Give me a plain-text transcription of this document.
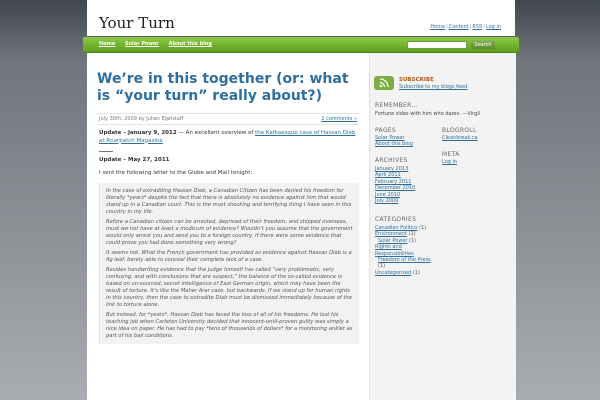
Your Turn	Home|Content|RSS|Log in
Home Solar Power About this blog	Search
We’re in this together (or: what is “your turn” really about?)
July 30th, 2009 by Julian Egelstaff	2 comments »
Update – January 9, 2012 — An excellent overview of the Kafkaesque case of Hassan Diab at Rnarpatch Magazine
Update – May 27, 2011
I sent the following letter to the Globe and Mail tonight:

In the case of extraditing Hassan Diab, a Canadian Citizen has been denied his freedom for literally *years* despite the fact that there is absolutely no evidence against him that would stand up in a Canadian court. This is the most shocking and terrifying thing I have seen in this country in my life.

Before a Canadian citizen can be arrested, deprived of their freedom, and shipped overseas, must we not have at least a modicum of evidence? Wouldn’t you assume that the government would only arrest you and send you to a foreign country, if there were some evidence that could prove you had done something very wrong?

It seems not. What the French government has provided as evidence against Hassan Diab is a fig leaf, barely able to conceal their complete lack of a case.

Besides handwriting evidence that the judge himself has called “very problematic, very confusing, and with conclusions that are suspect,” the balance of the so-called evidence is based on un-sourced, secret intelligence of East German origin, which may have been the result of torture. It’s like the Maher Arar case, but backwards. If we stand up for human rights in this country, then the case to extradite Diab must be dismissed immediately because of the link to torture alone.

But instead, for *years*, Hassan Diab has faced the loss of all of his freedoms. He lost his teaching job when Carleton University decided that innocent-until-proven guilty was simply a nice idea on paper. He has had to pay *tens of thousands of dollars* for a monitoring anklet as part of his bail conditions.

SUBSCRIBE
Subscribe to my blogs feed
REMEMBER...
Fortune sides with him who dares. —Virgil
PAGES
Solar Power
About this blog
BLOGROLL
Cleanbreak.ca
ARCHIVES
January 2013
April 2011
February 2011
December 2010
June 2010
July 2009
META
Log in
CATEGORIES
Canadian Politics (1)
Environment (1)
Solar Power (1)
Rights and Responsibilities
Freedom of the Press
(1)
Uncategorized (1)
